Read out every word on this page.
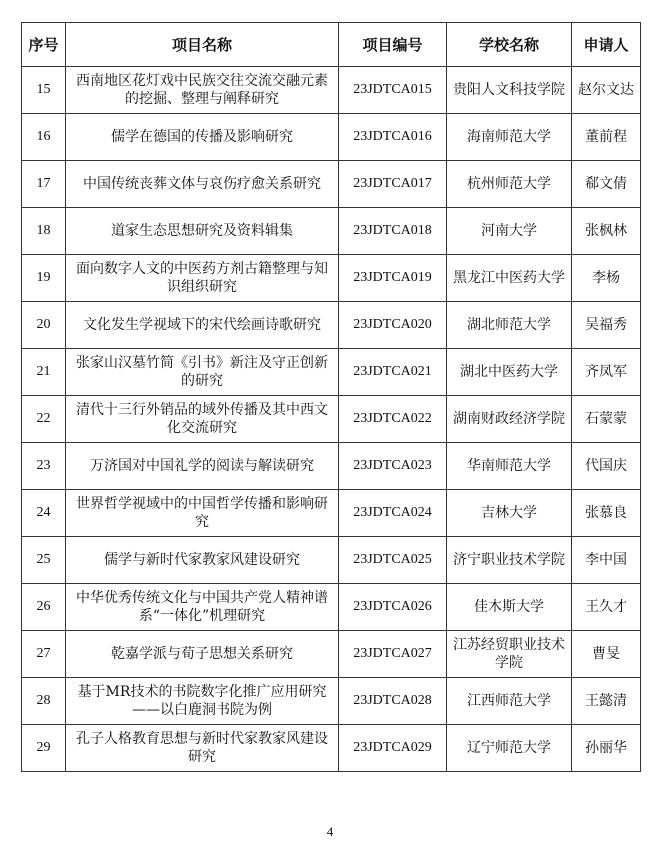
序号	项目名称	项目编号	学校名称	申请人
15	西南地区花灯戏中民族交往交流交融元素的挖掘、整理与阐释研究	23JDTCA015	贵阳人文科技学院	赵尔文达
16	儒学在德国的传播及影响研究	23JDTCA016	海南师范大学	董前程
17	中国传统丧葬文体与哀伤疗愈关系研究	23JDTCA017	杭州师范大学	郗文倩
18	道家生态思想研究及资料辑集	23JDTCA018	河南大学	张枫林
19	面向数字人文的中医药方剂古籍整理与知识组织研究	23JDTCA019	黑龙江中医药大学	李杨
20	文化发生学视域下的宋代绘画诗歌研究	23JDTCA020	湖北师范大学	吴福秀
21	张家山汉墓竹简《引书》新注及守正创新的研究	23JDTCA021	湖北中医药大学	齐凤军
22	清代十三行外销品的域外传播及其中西文化交流研究	23JDTCA022	湖南财政经济学院	石蒙蒙
23	万济国对中国礼学的阅读与解读研究	23JDTCA023	华南师范大学	代国庆
24	世界哲学视域中的中国哲学传播和影响研究	23JDTCA024	吉林大学	张慕良
25	儒学与新时代家教家风建设研究	23JDTCA025	济宁职业技术学院	李中国
26	中华优秀传统文化与中国共产党人精神谱系“一体化”机理研究	23JDTCA026	佳木斯大学	王久才
27	乾嘉学派与荀子思想关系研究	23JDTCA027	江苏经贸职业技术学院	曹旻
28	基于MR技术的书院数字化推广应用研究——以白鹿洞书院为例	23JDTCA028	江西师范大学	王懿清
29	孔子人格教育思想与新时代家教家风建设研究	23JDTCA029	辽宁师范大学	孙丽华
4
